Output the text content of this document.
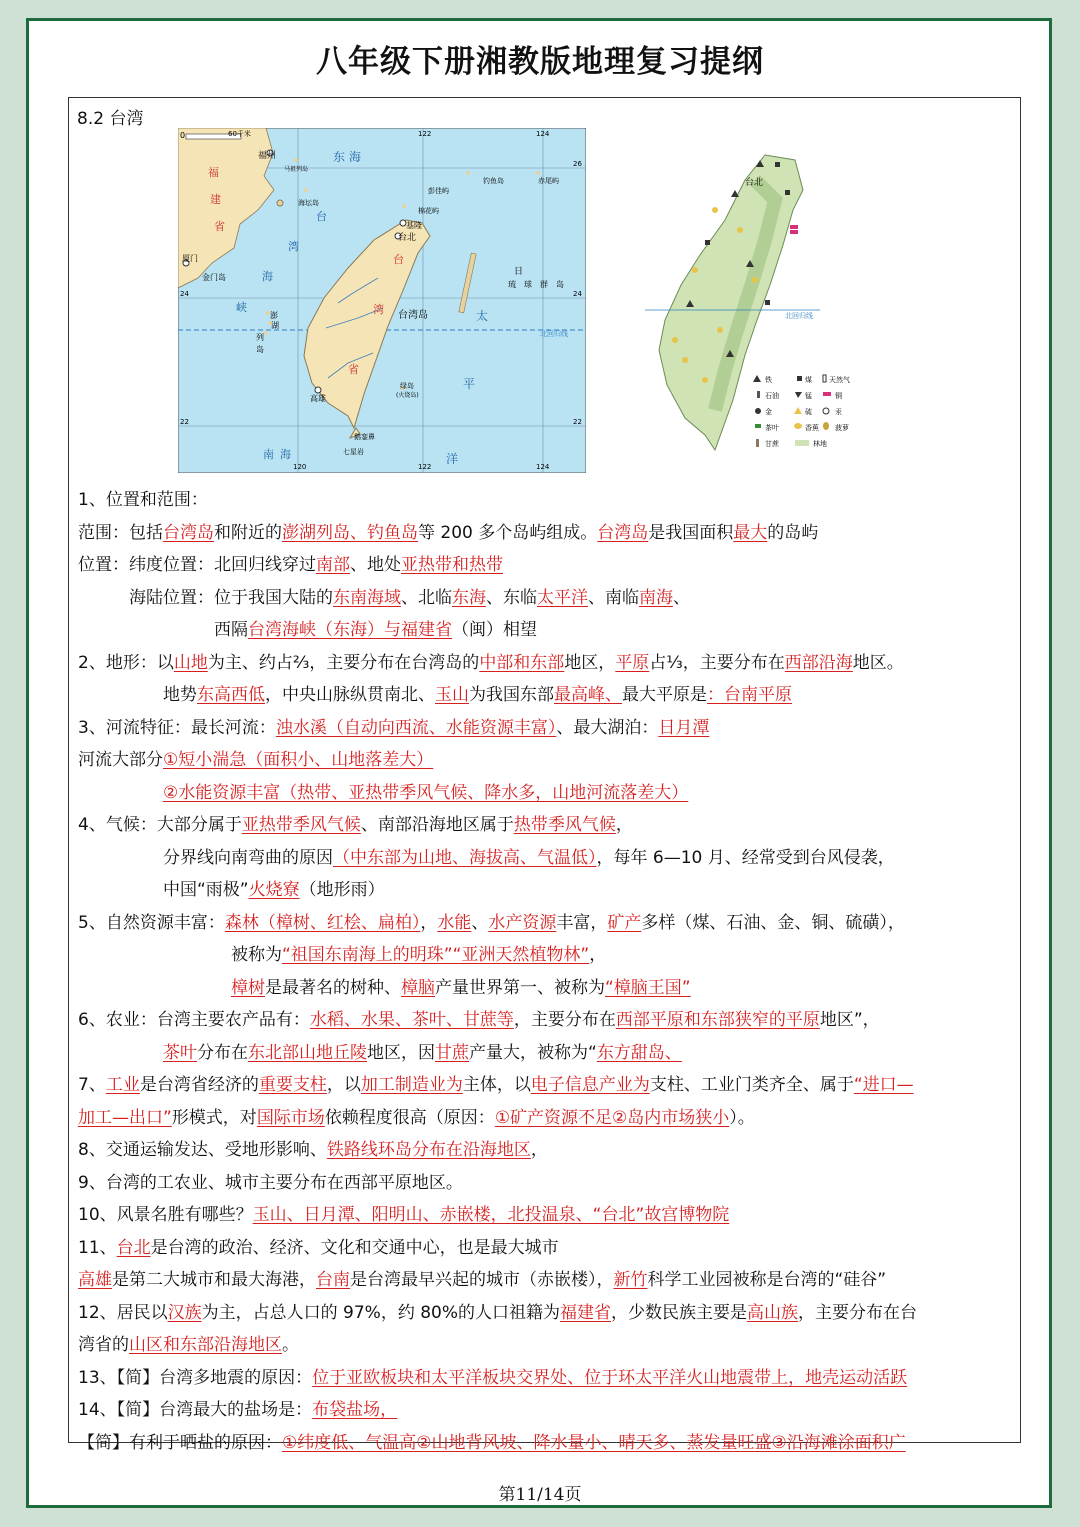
八年级下册湘教版地理复习提纲
8.2 台湾
0	60千米
120
122
122
124
124
26
24	24
22	22
福州	东海
马祖列岛
钓鱼岛	赤尾屿
彭佳屿
棉花屿
海坛岛
基隆
台北
福
建
省
台
湾
海
峡
台
湾
省
厦门
金门岛
日
琉　球　群　岛
台湾岛	太
北回归线
澎
湖
列
岛
高雄
绿岛
(火烧岛)
平
南海	洋
鹅銮鼻
七星岩
北回归线
台北
铁	煤 天然气
石油	锰	铜
金	硫	汞
茶叶	香蕉 菠萝
甘蔗	林地
1、位置和范围：
范围：包括台湾岛和附近的澎湖列岛、钓鱼岛等 200 多个岛屿组成。台湾岛是我国面积最大的岛屿
位置：纬度位置：北回归线穿过南部、地处亚热带和热带
　　　海陆位置：位于我国大陆的东南海域、北临东海、东临太平洋、南临南海、
　　　　　　　　西隔台湾海峡（东海）与福建省（闽）相望
2、地形：以山地为主、约占⅔，主要分布在台湾岛的中部和东部地区，平原占⅓，主要分布在西部沿海地区。
　　　　　地势东高西低，中央山脉纵贯南北、玉山为我国东部最高峰、最大平原是：台南平原
3、河流特征：最长河流：浊水溪（自动向西流、水能资源丰富）、最大湖泊：日月潭
河流大部分①短小湍急（面积小、山地落差大）
　　　　　②水能资源丰富（热带、亚热带季风气候、降水多，山地河流落差大）
4、气候：大部分属于亚热带季风气候、南部沿海地区属于热带季风气候，
　　　　　分界线向南弯曲的原因（中东部为山地、海拔高、气温低），每年 6—10 月、经常受到台风侵袭，
　　　　　中国“雨极”火烧寮（地形雨）
5、自然资源丰富：森林（樟树、红桧、扁柏），水能、水产资源丰富，矿产多样（煤、石油、金、铜、硫磺），
　　　　　　　　　被称为“祖国东南海上的明珠”“亚洲天然植物林”，
　　　　　　　　　樟树是最著名的树种、樟脑产量世界第一、被称为“樟脑王国”
6、农业：台湾主要农产品有：水稻、水果、茶叶、甘蔗等，主要分布在西部平原和东部狭窄的平原地区”，
　　　　　茶叶分布在东北部山地丘陵地区，因甘蔗产量大，被称为“东方甜岛、
7、工业是台湾省经济的重要支柱，以加工制造业为主体，以电子信息产业为支柱、工业门类齐全、属于“进口—
加工—出口”形模式，对国际市场依赖程度很高（原因：①矿产资源不足②岛内市场狭小）。
8、交通运输发达、受地形影响、铁路线环岛分布在沿海地区，
9、台湾的工农业、城市主要分布在西部平原地区。
10、风景名胜有哪些？玉山、日月潭、阳明山、赤嵌楼，北投温泉、“台北”故宫博物院
11、台北是台湾的政治、经济、文化和交通中心，也是最大城市
高雄是第二大城市和最大海港，台南是台湾最早兴起的城市（赤嵌楼），新竹科学工业园被称是台湾的“硅谷”
12、居民以汉族为主，占总人口的 97%，约 80%的人口祖籍为福建省，少数民族主要是高山族，主要分布在台
湾省的山区和东部沿海地区。
13、【简】台湾多地震的原因：位于亚欧板块和太平洋板块交界处、位于环太平洋火山地震带上，地壳运动活跃
14、【简】台湾最大的盐场是：布袋盐场，
【简】有利于晒盐的原因：①纬度低、气温高②山地背风坡、降水量小、晴天多、蒸发量旺盛③沿海滩涂面积广
第11/14页
